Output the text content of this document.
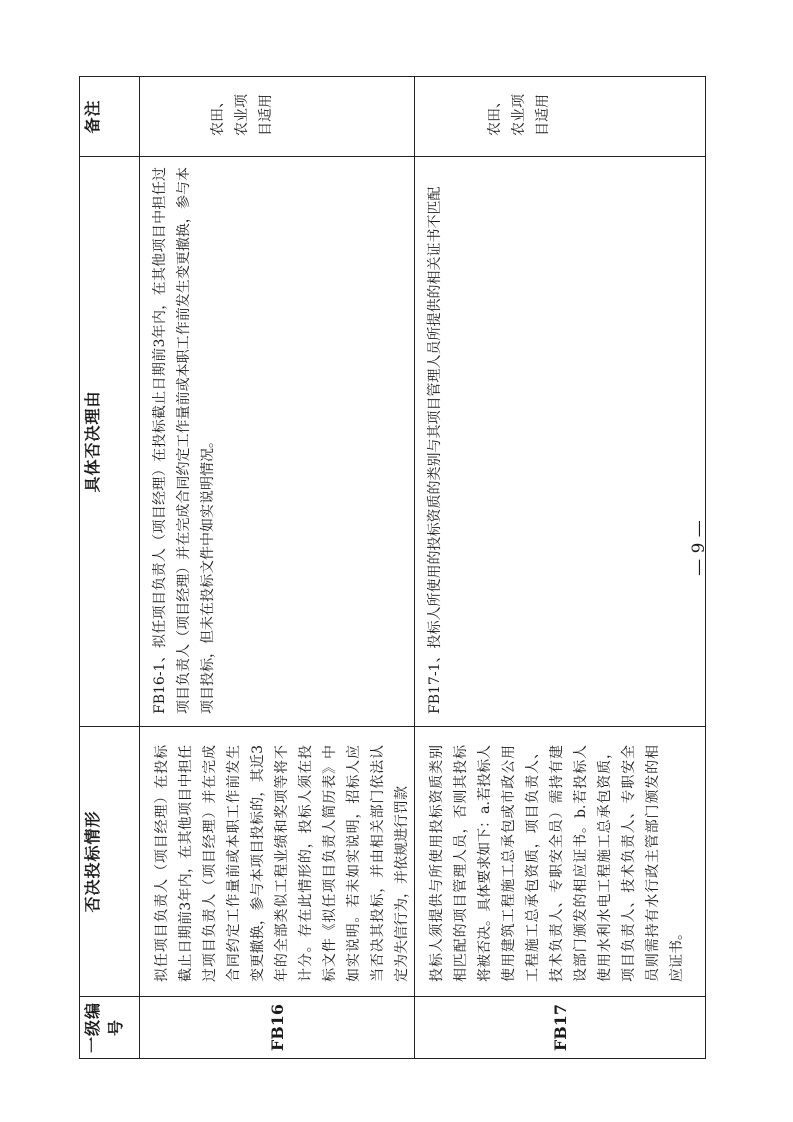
一级编号	否决投标情形	具体否决理由	备注
FB16	拟任项目负责人（项目经理）在投标截止日期前3年内，在其他项目中担任过项目负责人（项目经理）并在完成合同约定工作量前或本职工作前发生变更撤换，参与本项目投标的，其近3年的全部类似工程业绩和奖项等将不计分。存在此情形的，投标人须在投标文件《拟任项目负责人简历表》中如实说明。若未如实说明，招标人应当否决其投标，并由相关部门依法认定为失信行为，并依规进行罚款	FB16-1、拟任项目负责人（项目经理）在投标截止日期前3年内，在其他项目中担任过项目负责人（项目经理）并在完成合同约定工作量前或本职工作前发生变更撤换，参与本项目投标，但未在投标文件中如实说明情况。	农田、农业项目适用

FB17	投标人须提供与所使用投标资质类别相匹配的项目管理人员，否则其投标将被否决。具体要求如下：a.若投标人使用建筑工程施工总承包或市政公用工程施工总承包资质，项目负责人、技术负责人、专职安全员）需持有建设部门颁发的相应证书。b.若投标人使用水利水电工程施工总承包资质，项目负责人、技术负责人、专职安全员则需持有水行政主管部门颁发的相应证书。	FB17-1、投标人所使用的投标资质的类别与其项目管理人员所提供的相关证书不匹配	农田、农业项目适用
— 9 —
